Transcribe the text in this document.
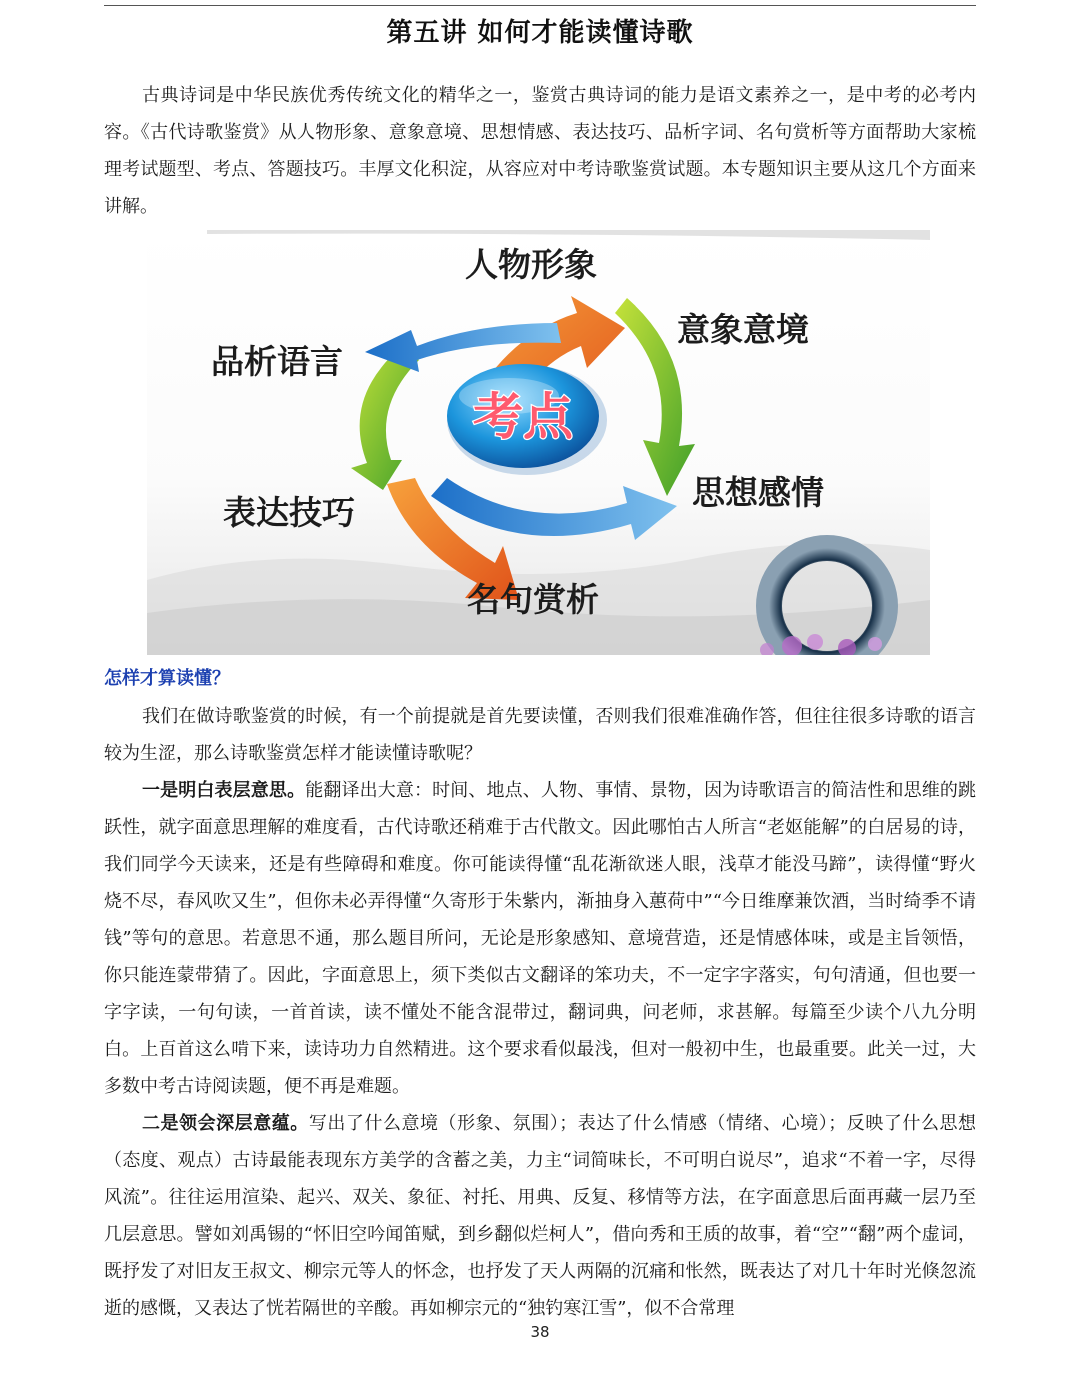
第五讲 如何才能读懂诗歌

古典诗词是中华民族优秀传统文化的精华之一，鉴赏古典诗词的能力是语文素养之一，是中考的必考内容。《古代诗歌鉴赏》从人物形象、意象意境、思想情感、表达技巧、品析字词、名句赏析等方面帮助大家梳理考试题型、考点、答题技巧。丰厚文化积淀，从容应对中考诗歌鉴赏试题。本专题知识主要从这几个方面来讲解。

考点
人物形象
意象意境
思想感情
名句赏析
表达技巧
品析语言
怎样才算读懂？

我们在做诗歌鉴赏的时候，有一个前提就是首先要读懂，否则我们很难准确作答，但往往很多诗歌的语言较为生涩，那么诗歌鉴赏怎样才能读懂诗歌呢？

一是明白表层意思。能翻译出大意：时间、地点、人物、事情、景物，因为诗歌语言的简洁性和思维的跳跃性，就字面意思理解的难度看，古代诗歌还稍难于古代散文。因此哪怕古人所言“老妪能解”的白居易的诗，我们同学今天读来，还是有些障碍和难度。你可能读得懂“乱花渐欲迷人眼，浅草才能没马蹄”，读得懂“野火烧不尽，春风吹又生”，但你未必弄得懂“久寄形于朱紫内，渐抽身入蕙荷中”“今日维摩兼饮酒，当时绮季不请钱”等句的意思。若意思不通，那么题目所问，无论是形象感知、意境营造，还是情感体味，或是主旨领悟，你只能连蒙带猜了。因此，字面意思上，须下类似古文翻译的笨功夫，不一定字字落实，句句清通，但也要一字字读，一句句读，一首首读，读不懂处不能含混带过，翻词典，问老师，求甚解。每篇至少读个八九分明白。上百首这么啃下来，读诗功力自然精进。这个要求看似最浅，但对一般初中生，也最重要。此关一过，大多数中考古诗阅读题，便不再是难题。

二是领会深层意蕴。写出了什么意境（形象、氛围）；表达了什么情感（情绪、心境）；反映了什么思想（态度、观点）古诗最能表现东方美学的含蓄之美，力主“词简味长，不可明白说尽”，追求“不着一字，尽得风流”。往往运用渲染、起兴、双关、象征、衬托、用典、反复、移情等方法，在字面意思后面再藏一层乃至几层意思。譬如刘禹锡的“怀旧空吟闻笛赋，到乡翻似烂柯人”，借向秀和王质的故事，着“空”“翻”两个虚词，既抒发了对旧友王叔文、柳宗元等人的怀念，也抒发了天人两隔的沉痛和怅然，既表达了对几十年时光倏忽流逝的感慨，又表达了恍若隔世的辛酸。再如柳宗元的“独钓寒江雪”，似不合常理

38
